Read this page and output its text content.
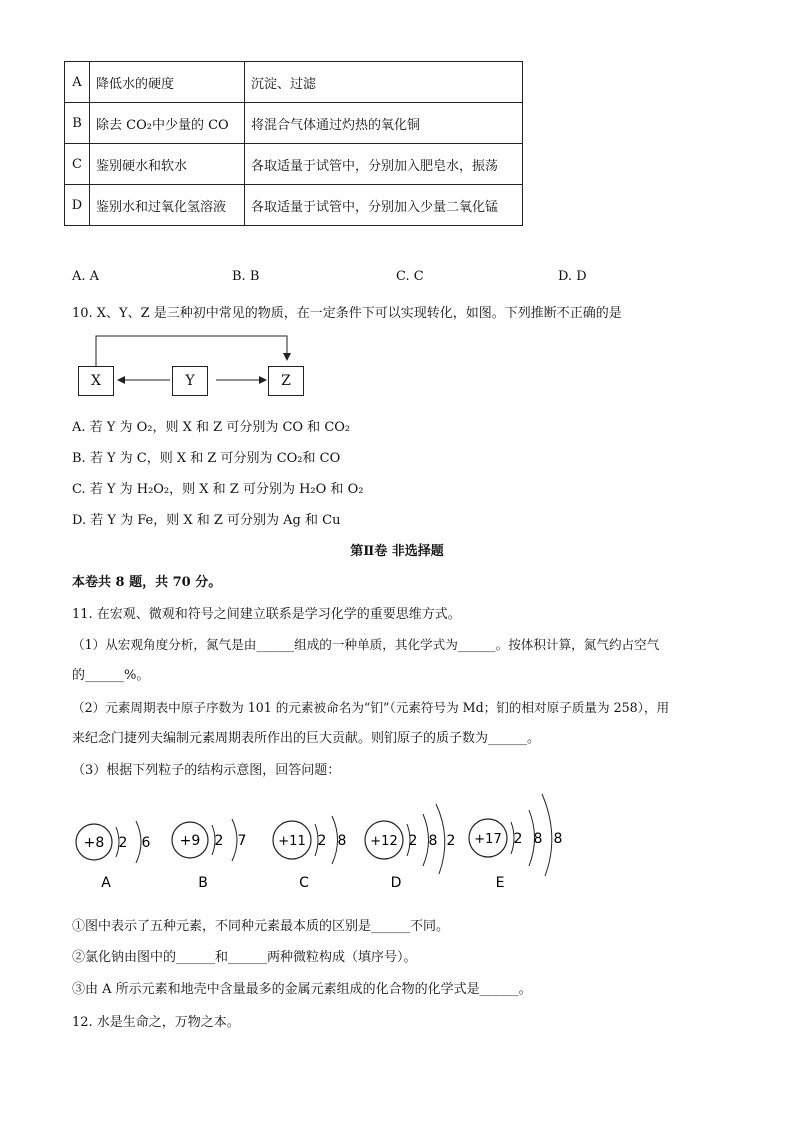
A	降低水的硬度	沉淀、过滤
B	除去 CO₂中少量的 CO	将混合气体通过灼热的氧化铜
C	鉴别硬水和软水	各取适量于试管中，分别加入肥皂水，振荡
D	鉴别水和过氧化氢溶液	各取适量于试管中，分别加入少量二氧化锰
A. A	B. B	C. C	D. D
10. X、Y、Z 是三种初中常见的物质，在一定条件下可以实现转化，如图。下列推断不正确的是
X	Y	Z
A. 若 Y 为 O₂，则 X 和 Z 可分别为 CO 和 CO₂
B. 若 Y 为 C，则 X 和 Z 可分别为 CO₂和 CO
C. 若 Y 为 H₂O₂，则 X 和 Z 可分别为 H₂O 和 O₂
D. 若 Y 为 Fe，则 X 和 Z 可分别为 Ag 和 Cu
第Ⅱ卷 非选择题
本卷共 8 题，共 70 分。
11. 在宏观、微观和符号之间建立联系是学习化学的重要思维方式。
（1）从宏观角度分析，氮气是由______组成的一种单质，其化学式为______。按体积计算，氮气约占空气
的______%。
（2）元素周期表中原子序数为 101 的元素被命名为“钔”（元素符号为 Md；钔的相对原子质量为 258），用
来纪念门捷列夫编制元素周期表所作出的巨大贡献。则钔原子的质子数为______。
（3）根据下列粒子的结构示意图，回答问题：
+8 2 6
A
+9 2 7
B
+11 2 8
C
+12 2 8 2
D
+17 2 8 8
E
①图中表示了五种元素，不同种元素最本质的区别是______不同。
②氯化钠由图中的______和______两种微粒构成（填序号）。
③由 A 所示元素和地壳中含量最多的金属元素组成的化合物的化学式是______。
12. 水是生命之，万物之本。
